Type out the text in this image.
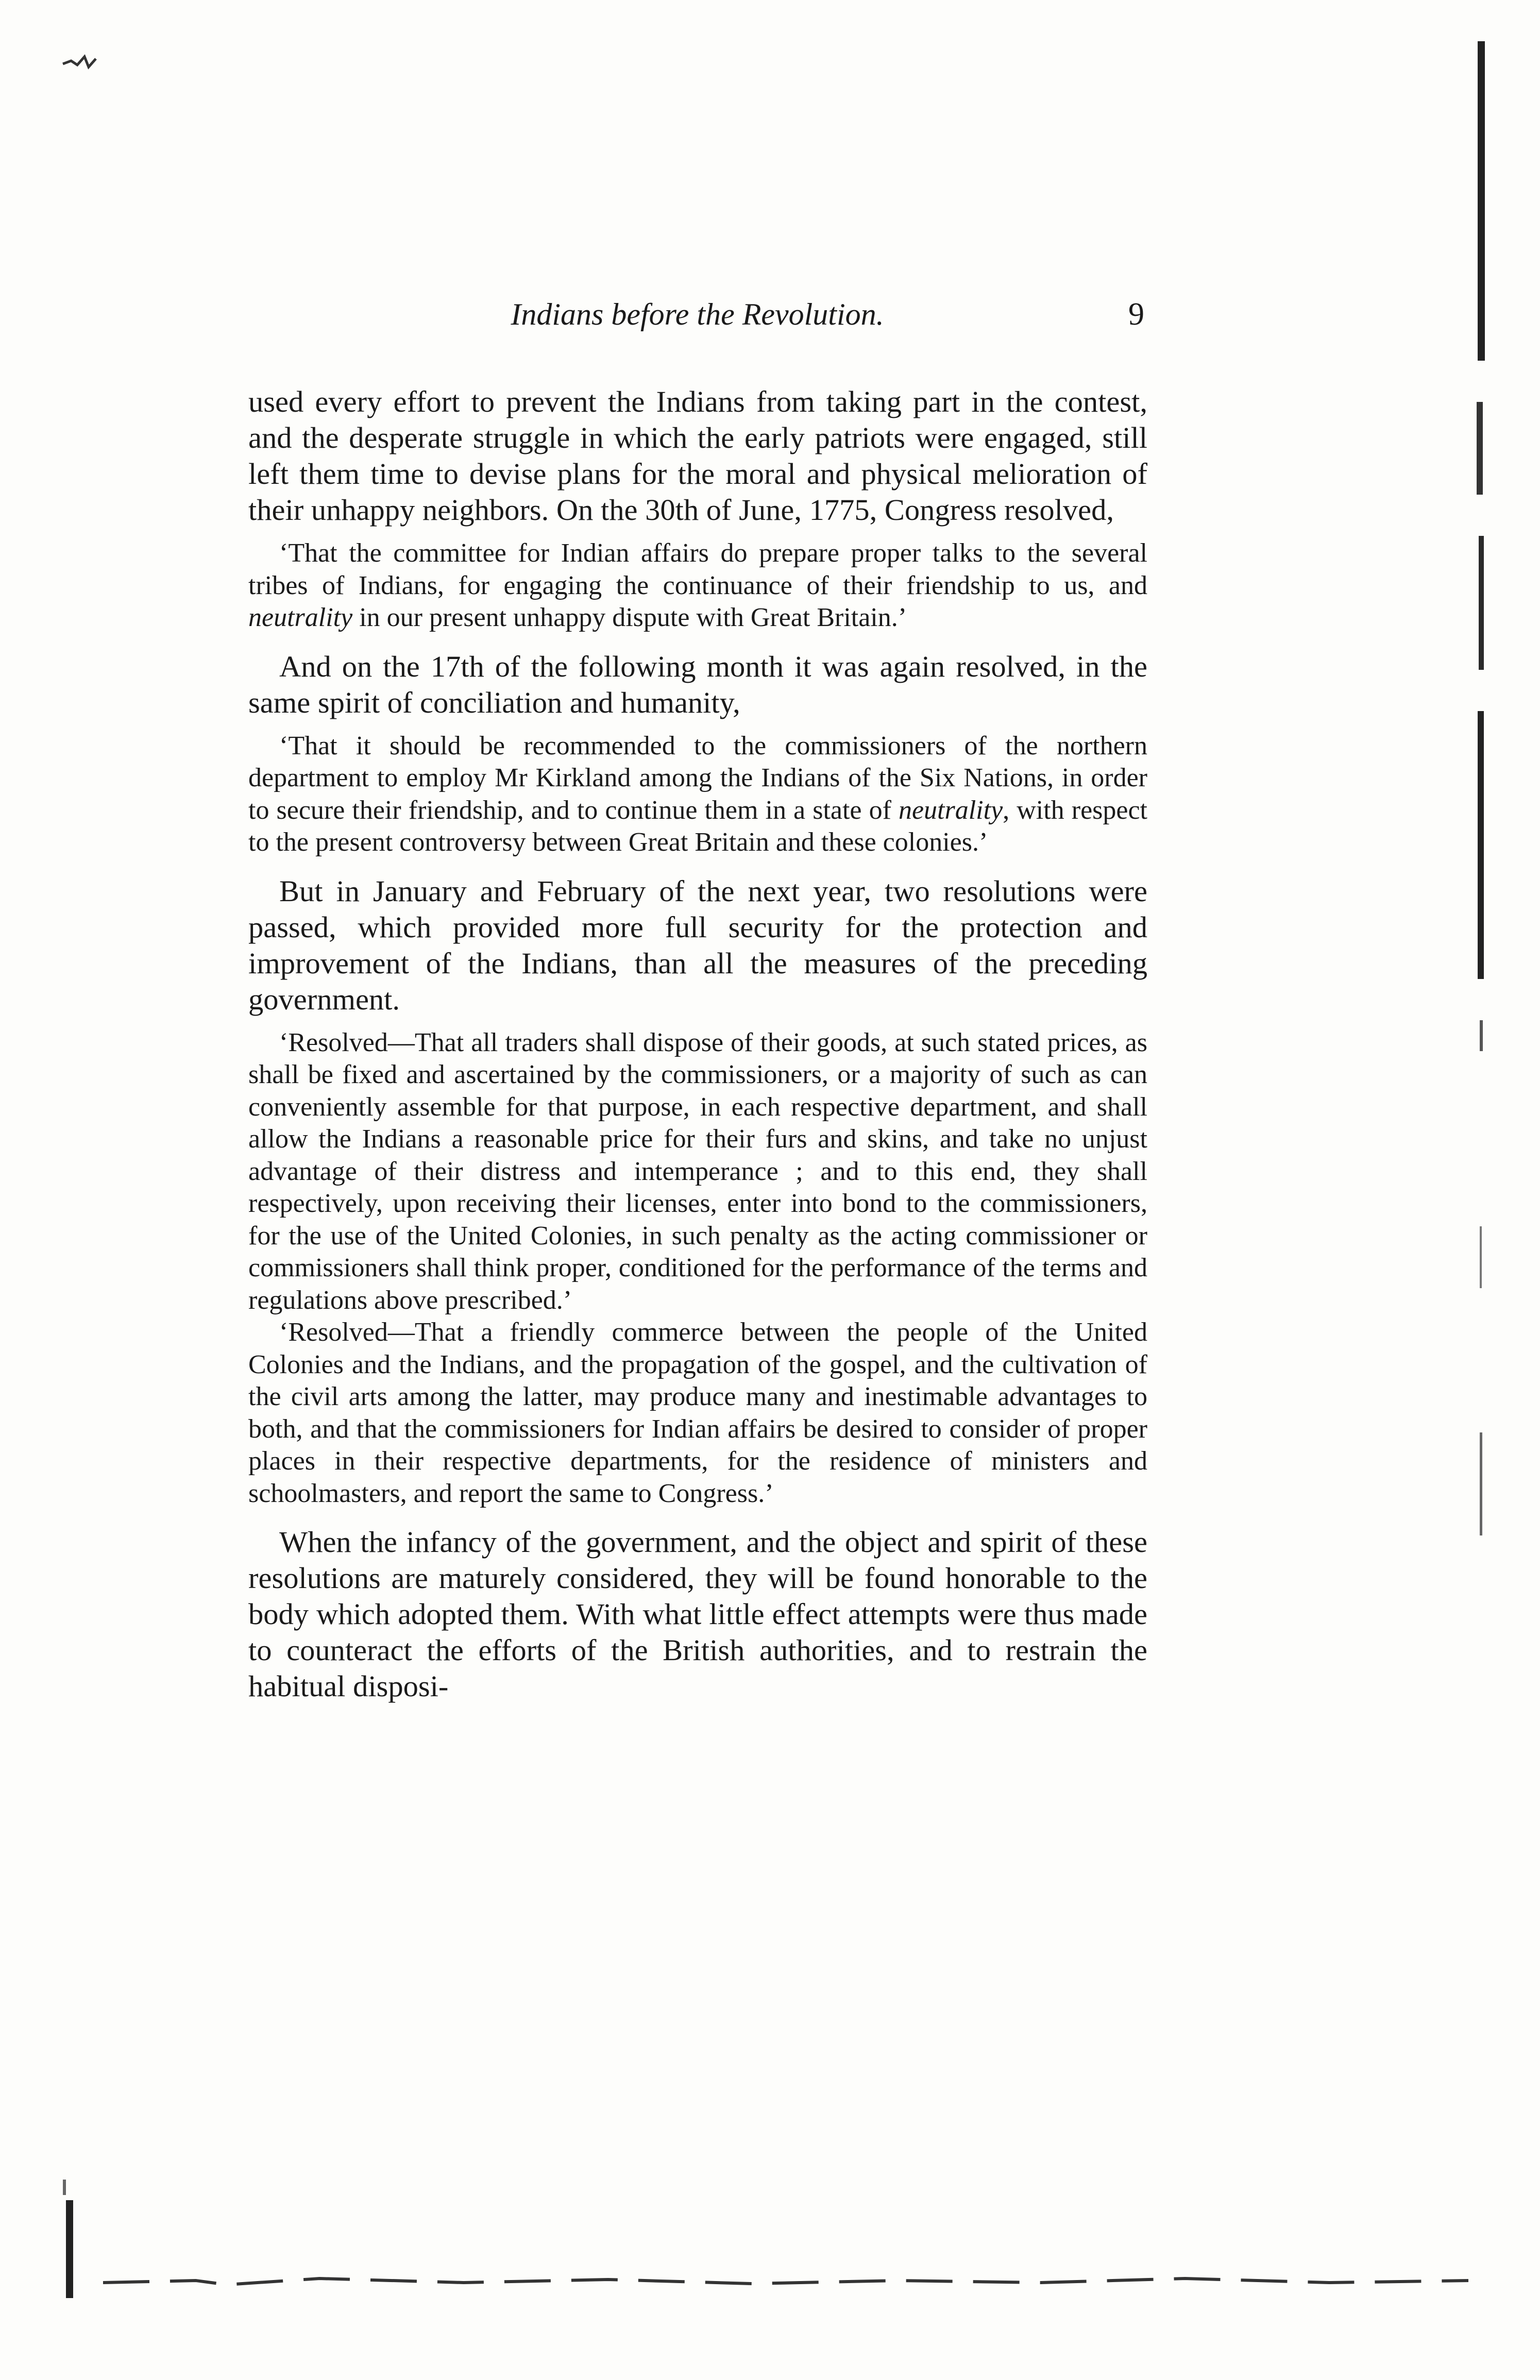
Indians before the Revolution.	9

used every effort to prevent the Indians from taking part in the contest, and the desperate struggle in which the early patriots were engaged, still left them time to devise plans for the moral and physical melioration of their unhappy neighbors. On the 30th of June, 1775, Congress resolved,

‘That the committee for Indian affairs do prepare proper talks to the several tribes of Indians, for engaging the continuance of their friendship to us, and neutrality in our present unhappy dispute with Great Britain.’

And on the 17th of the following month it was again resolved, in the same spirit of conciliation and humanity,

‘That it should be recommended to the commissioners of the northern department to employ Mr Kirkland among the Indians of the Six Nations, in order to secure their friendship, and to continue them in a state of neutrality, with respect to the present controversy between Great Britain and these colonies.’

But in January and February of the next year, two resolutions were passed, which provided more full security for the protection and improvement of the Indians, than all the measures of the preceding government.

‘Resolved—That all traders shall dispose of their goods, at such stated prices, as shall be fixed and ascertained by the commissioners, or a majority of such as can conveniently assemble for that purpose, in each respective department, and shall allow the Indians a reasonable price for their furs and skins, and take no unjust advantage of their distress and intemperance ; and to this end, they shall respectively, upon receiving their licenses, enter into bond to the commissioners, for the use of the United Colonies, in such penalty as the acting commissioner or commissioners shall think proper, conditioned for the performance of the terms and regulations above prescribed.’

‘Resolved—That a friendly commerce between the people of the United Colonies and the Indians, and the propagation of the gospel, and the cultivation of the civil arts among the latter, may produce many and inestimable advantages to both, and that the commissioners for Indian affairs be desired to consider of proper places in their respective departments, for the residence of ministers and schoolmasters, and report the same to Congress.’

When the infancy of the government, and the object and spirit of these resolutions are maturely considered, they will be found honorable to the body which adopted them. With what little effect attempts were thus made to counteract the efforts of the British authorities, and to restrain the habitual disposi-
